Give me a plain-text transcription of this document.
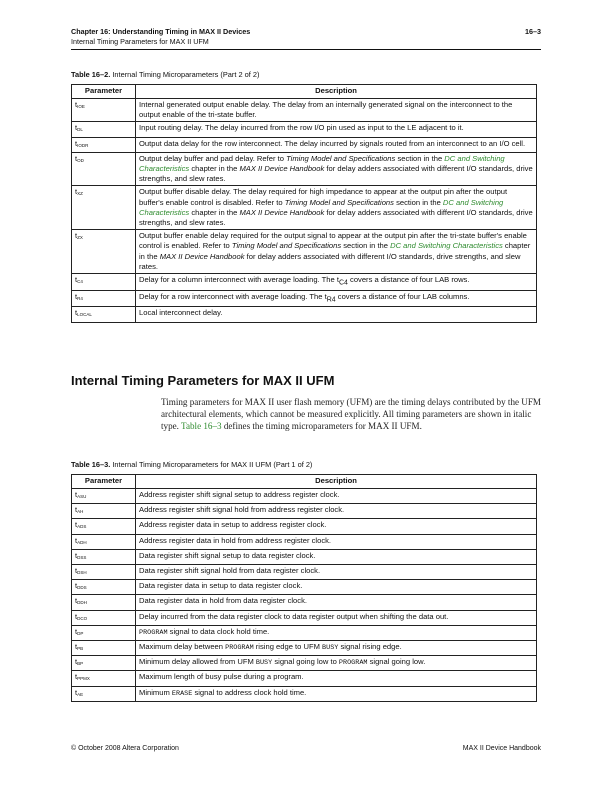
Chapter 16: Understanding Timing in MAX II Devices
Internal Timing Parameters for MAX II UFM
16–3
Table 16–2. Internal Timing Microparameters (Part 2 of 2)
Parameter	Description
$t_{IOE}$	Internal generated output enable delay. The delay from an internally generated signal on the interconnect to the output enable of the tri-state buffer.
$t_{DL}$	Input routing delay. The delay incurred from the row I/O pin used as input to the LE adjacent to it.
$t_{IODR}$	Output data delay for the row interconnect. The delay incurred by signals routed from an interconnect to an I/O cell.
$t_{OD}$	Output delay buffer and pad delay. Refer to Timing Model and Specifications section in the DC and Switching Characteristics chapter in the MAX II Device Handbook for delay adders associated with different I/O standards, drive strengths, and slew rates.
$t_{XZ}$	Output buffer disable delay. The delay required for high impedance to appear at the output pin after the output buffer's enable control is disabled. Refer to Timing Model and Specifications section in the DC and Switching Characteristics chapter in the MAX II Device Handbook for delay adders associated with different I/O standards, drive strengths, and slew rates.
$t_{ZX}$	Output buffer enable delay required for the output signal to appear at the output pin after the tri-state buffer's enable control is enabled. Refer to Timing Model and Specifications section in the DC and Switching Characteristics chapter in the MAX II Device Handbook for delay adders associated with different I/O standards, drive strengths, and slew rates.
$t_{C4}$	Delay for a column interconnect with average loading. The $t_{C4}$ covers a distance of four LAB rows.
$t_{R4}$	Delay for a row interconnect with average loading. The $t_{R4}$ covers a distance of four LAB columns.
$t_{LOCAL}$	Local interconnect delay.
Internal Timing Parameters for MAX II UFM
Timing parameters for MAX II user flash memory (UFM) are the timing delays contributed by the UFM architectural elements, which cannot be measured explicitly. All timing parameters are shown in italic type. Table 16–3 defines the timing microparameters for MAX II UFM.
Table 16–3. Internal Timing Microparameters for MAX II UFM (Part 1 of 2)
Parameter	Description
$t_{ASU}$	Address register shift signal setup to address register clock.
$t_{AH}$	Address register shift signal hold from address register clock.
$t_{ADS}$	Address register data in setup to address register clock.
$t_{ADH}$	Address register data in hold from address register clock.
$t_{DSS}$	Data register shift signal setup to data register clock.
$t_{DSH}$	Data register shift signal hold from data register clock.
$t_{DDS}$	Data register data in setup to data register clock.
$t_{DDH}$	Data register data in hold from data register clock.
$t_{DCO}$	Delay incurred from the data register clock to data register output when shifting the data out.
$t_{DP}$	PROGRAM signal to data clock hold time.
$t_{PB}$	Maximum delay between PROGRAM rising edge to UFM BUSY signal rising edge.
$t_{BP}$	Minimum delay allowed from UFM BUSY signal going low to PROGRAM signal going low.
$t_{PPMX}$	Maximum length of busy pulse during a program.
$t_{AE}$	Minimum ERASE signal to address clock hold time.
© October 2008 Altera Corporation	MAX II Device Handbook
